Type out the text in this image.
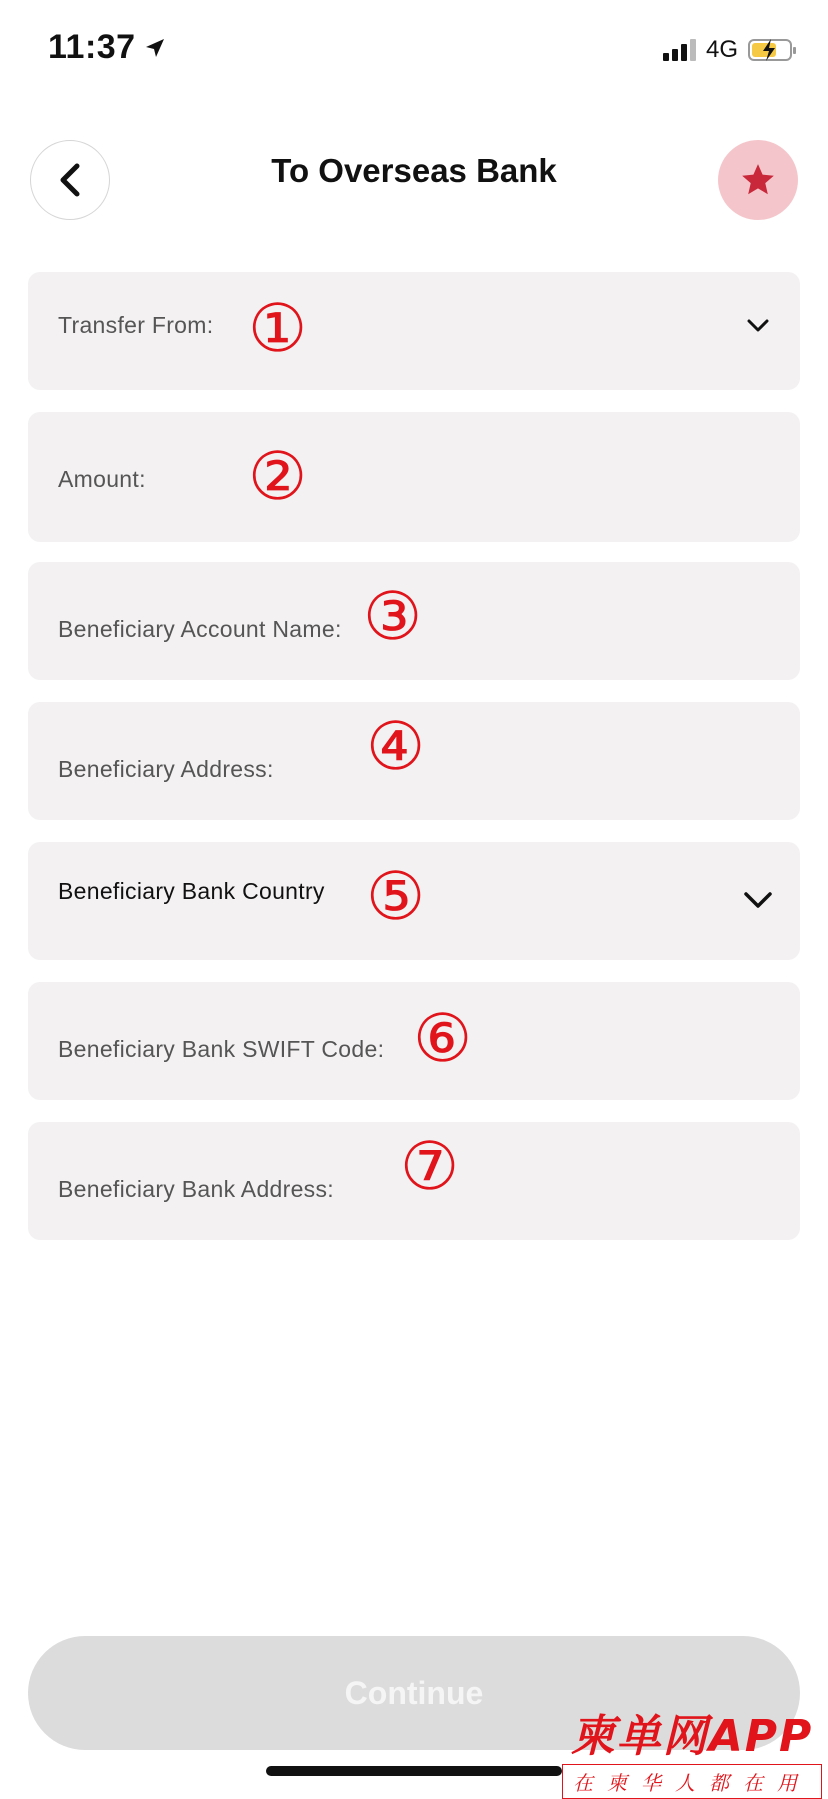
11:37	4G
To Overseas Bank
Transfer From: ①
Amount: ②
Beneficiary Account Name: ③
Beneficiary Address: ④
Beneficiary Bank Country ⑤
Beneficiary Bank SWIFT Code: ⑥
Beneficiary Bank Address: ⑦
Continue
柬单网APP
在柬华人都在用
